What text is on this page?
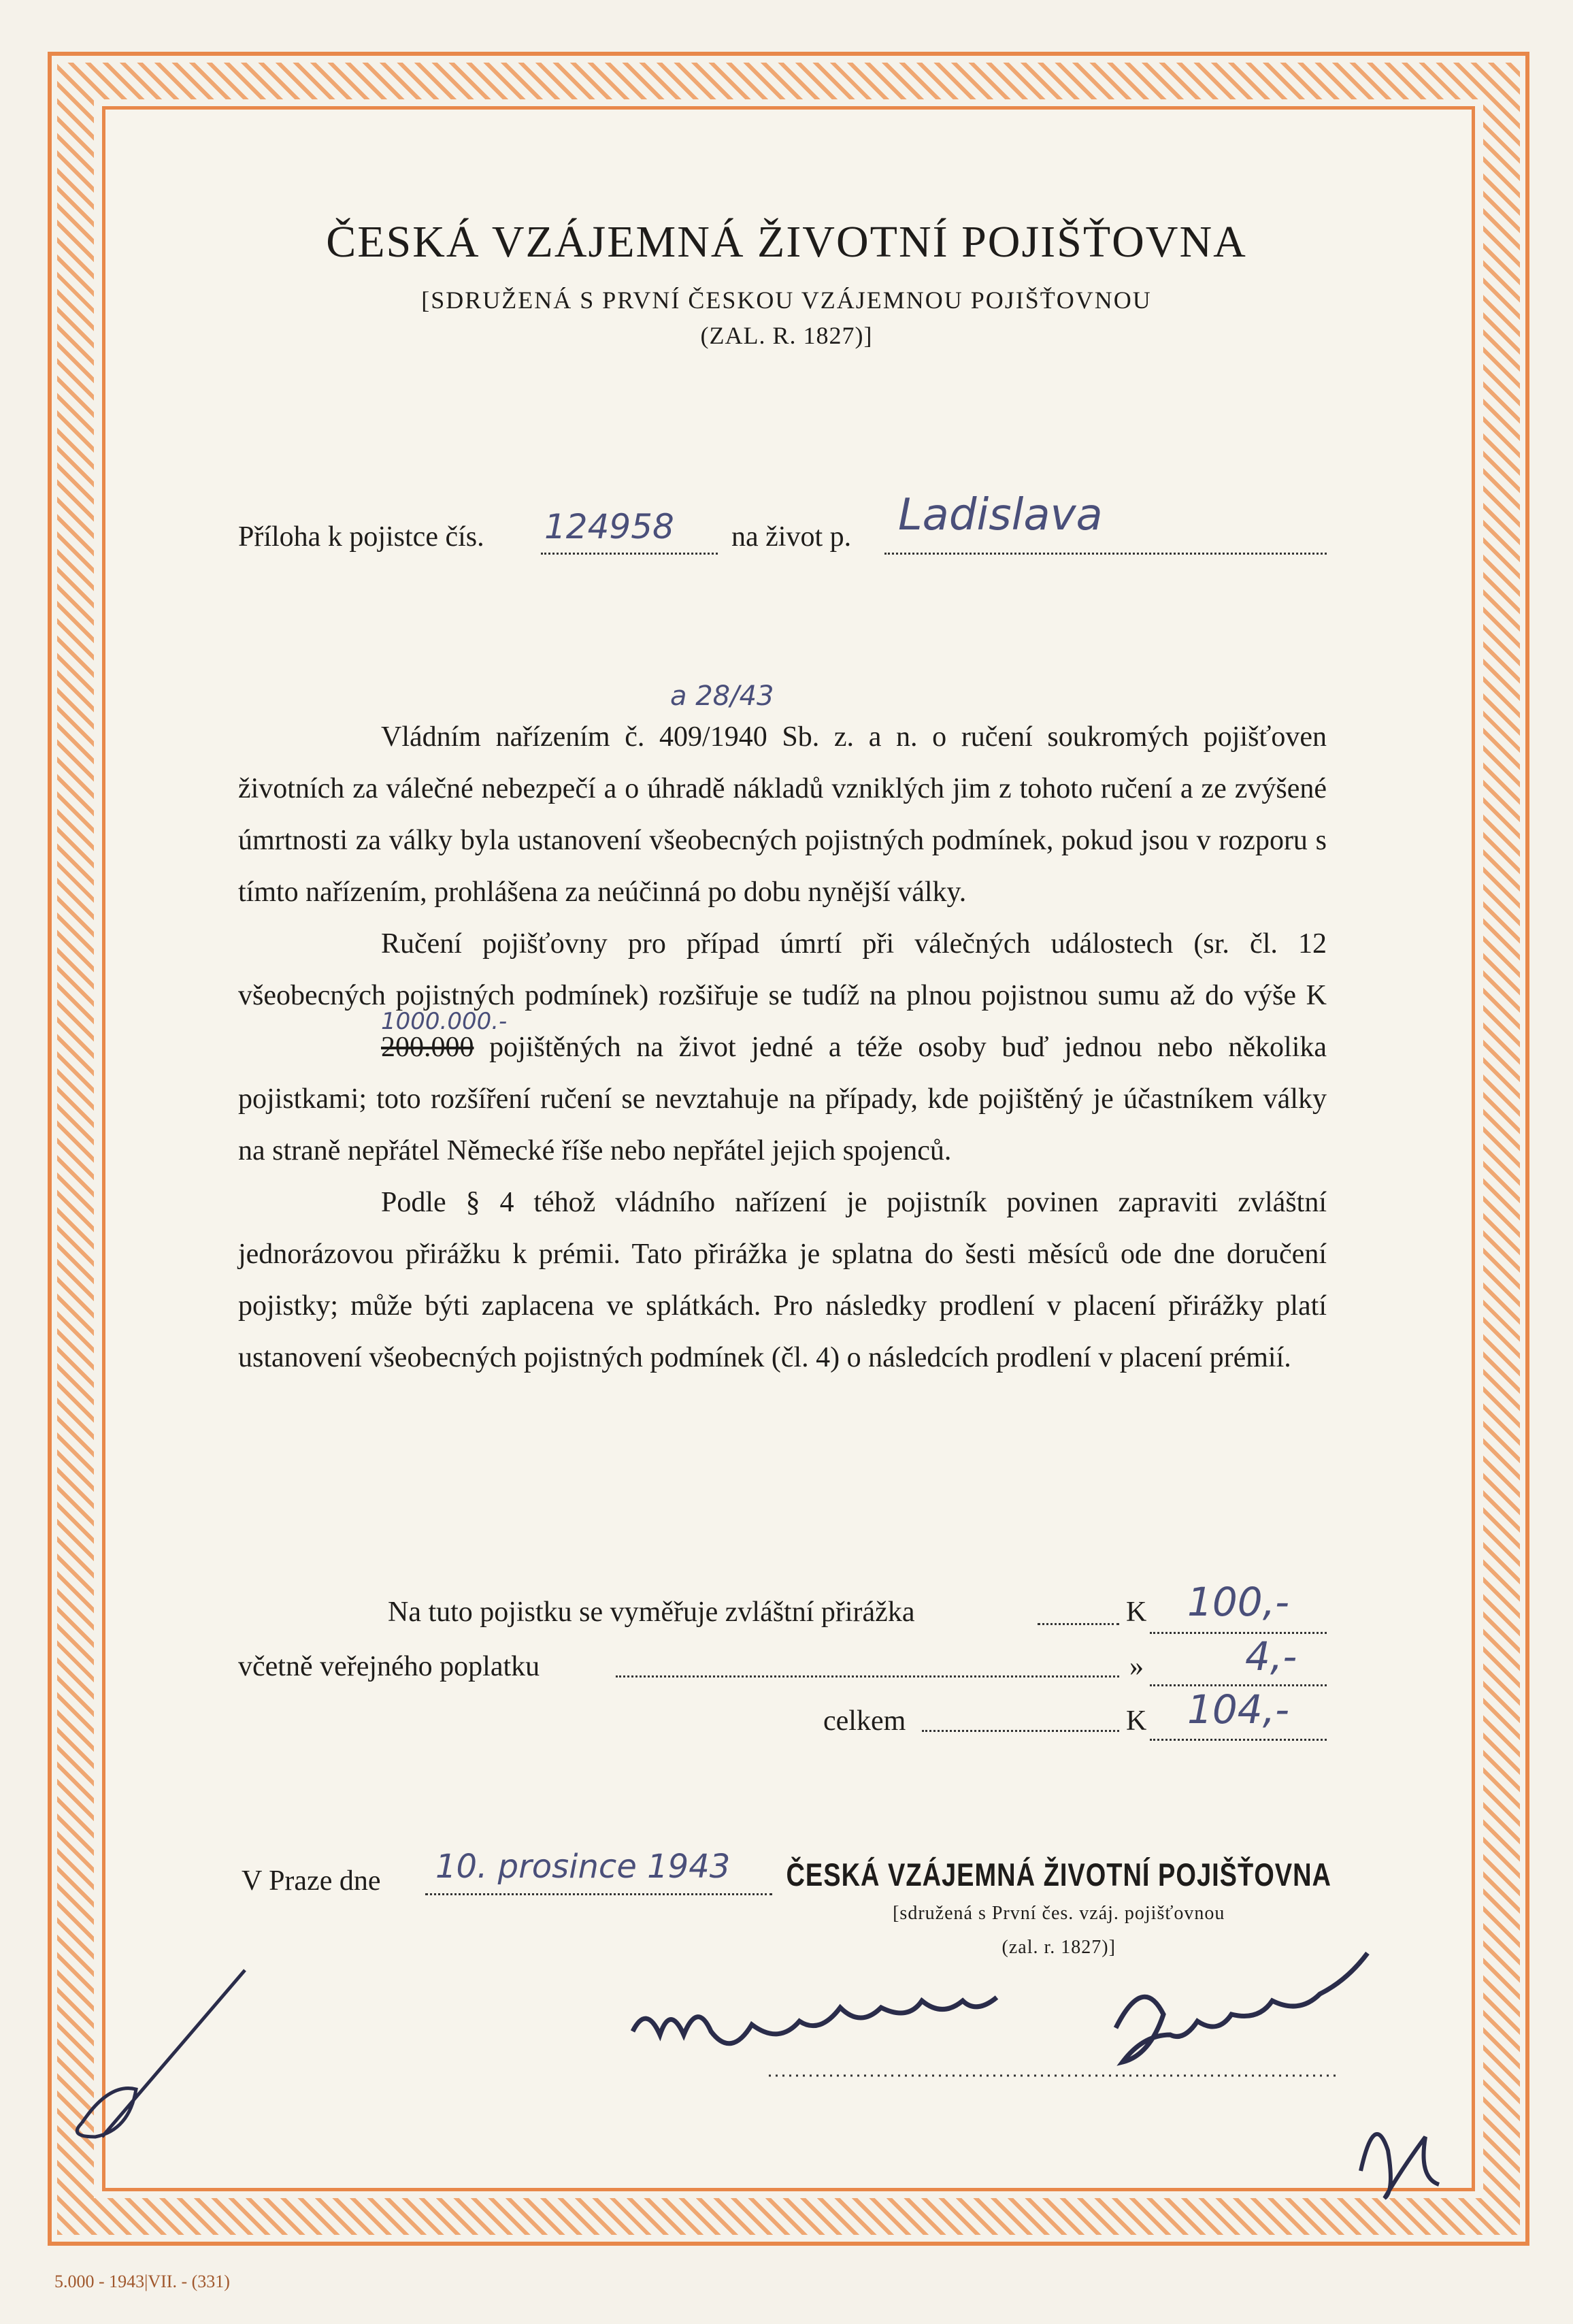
ČESKÁ VZÁJEMNÁ ŽIVOTNÍ POJIŠŤOVNA
[SDRUŽENÁ S PRVNÍ ČESKOU VZÁJEMNOU POJIŠŤOVNOU
(ZAL. R. 1827)]
Příloha k pojistce čís. 124958 na život p. Ladislava
a 28/43

Vládním nařízením č. 409/1940 Sb. z. a n. o ručení soukromých pojišťoven životních za válečné nebezpečí a o úhradě nákladů vzniklých jim z tohoto ručení a ze zvýšené úmrtnosti za války byla ustanovení všeobecných pojistných podmínek, pokud jsou v rozporu s tímto nařízením, prohlášena za neúčinná po dobu nynější války.

Ručení pojišťovny pro případ úmrtí při válečných událostech (sr. čl. 12 všeobecných pojistných podmínek) rozšiřuje se tudíž na plnou pojistnou sumu až do výše K
1000.000.-
200.000 pojištěných na život jedné a téže osoby buď jednou nebo několika pojistkami; toto rozšíření ručení se nevztahuje na případy, kde pojištěný je účastníkem války na straně nepřátel Německé říše nebo nepřátel jejich spojenců.

Podle § 4 téhož vládního nařízení je pojistník povinen zapraviti zvláštní jednorázovou přirážku k prémii. Tato přirážka je splatna do šesti měsíců ode dne doručení pojistky; může býti zaplacena ve splátkách. Pro následky prodlení v placení přirážky platí ustanovení všeobecných pojistných podmínek (čl. 4) o následcích prodlení v placení prémií.

Na tuto pojistku se vyměřuje zvláštní přirážka	K 100,-
včetně veřejného poplatku	»	4,-
celkem	K 104,-
V Praze dne 10. prosince 1943 ČESKÁ VZÁJEMNÁ ŽIVOTNÍ POJIŠŤOVNA
[sdružená s První čes. vzáj. pojišťovnou
(zal. r. 1827)]
5.000 - 1943|VII. - (331)
